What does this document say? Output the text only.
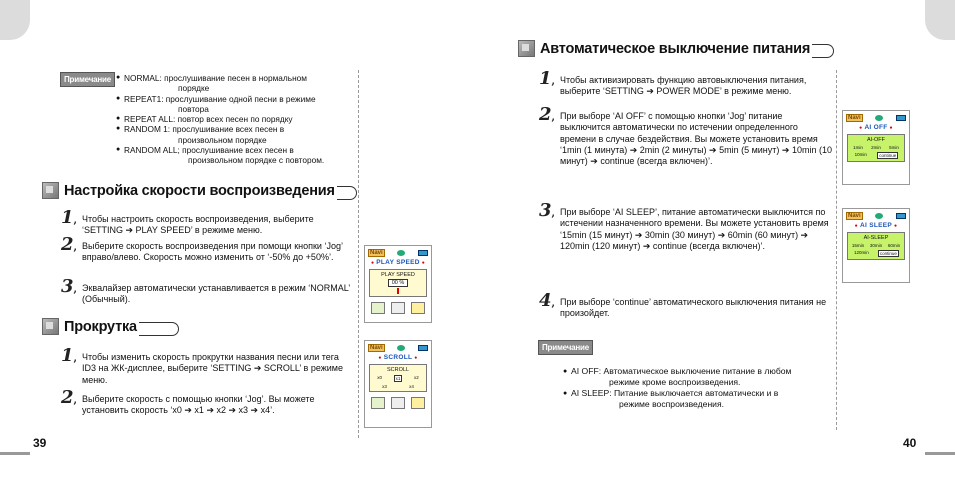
Примечание
●	NORMAL: прослушивание песен в нормальном
порядке
● REPEAT1: прослушивание одной песни в режиме
повтора
● REPEAT ALL: повтор всех песен по порядку
● RANDOM 1: прослушивание всех песен в
произвольном порядке
● RANDOM ALL; прослушивание всех песен в
произвольном порядке с повтором.
Настройка скорости воспроизведения
1 , Чтобы настроить скорость воспроизведения, выберите ‘SETTING ➔ PLAY SPEED’ в режиме меню.
2 , Выберите скорость воспроизведения при помощи кнопки ‘Jog’ вправо/влево. Скорость можно изменить от ‘-50% до +50%’.
3 , Эквалайзер автоматически устанавливается в режим ‘NORMAL’ (Обычный).
Прокрутка
1 , Чтобы изменить скорость прокрутки названия песни или тега ID3 на ЖК-дисплее, выберите ‘SETTING ➔ SCROLL’ в режиме меню.
2 , Выберите скорость с помощью кнопки ‘Jog’. Вы можете установить скорость ‘x0 ➔ x1 ➔ x2 ➔ x3 ➔ x4’.
Navi
● PLAY SPEED ●
PLAY SPEED
00 %
Navi
● SCROLL ●
SCROLL
x0	x1	x2
x3	x4
39
Автоматическое выключение питания
1 , Чтобы активизировать функцию автовыключения питания, выберите ‘SETTING ➔ POWER MODE’ в режиме меню.
2 , При выборе ‘AI OFF’ с помощью кнопки ‘Jog’ питание выключится автоматически по истечении определенного времени в случае бездействия. Вы можете установить время ‘1min (1 минута) ➔ 2min (2 минуты) ➔ 5min (5 минут) ➔ 10min (10 минут) ➔ continue (всегда включен)’.
3 , При выборе ‘AI SLEEP’, питание автоматически выключится по истечении назначенного времени. Вы можете установить время ‘15min (15 минут) ➔ 30min (30 минут) ➔ 60min (60 минут) ➔ 120min (120 минут) ➔ continue (всегда включен)’.
4 , При выборе ‘continue’ автоматического выключения питания не произойдет.
Navi
● AI OFF ●
AI-OFF
1min 2min 5min
10min	continue
Navi
● AI SLEEP ●
AI-SLEEP
15min 30min 60min
120min	continue
Примечание
● AI OFF: Автоматическое выключение питание в любом
режиме кроме воспроизведения.
● AI SLEEP: Питание выключается автоматически и в
режиме воспроизведения.
40
